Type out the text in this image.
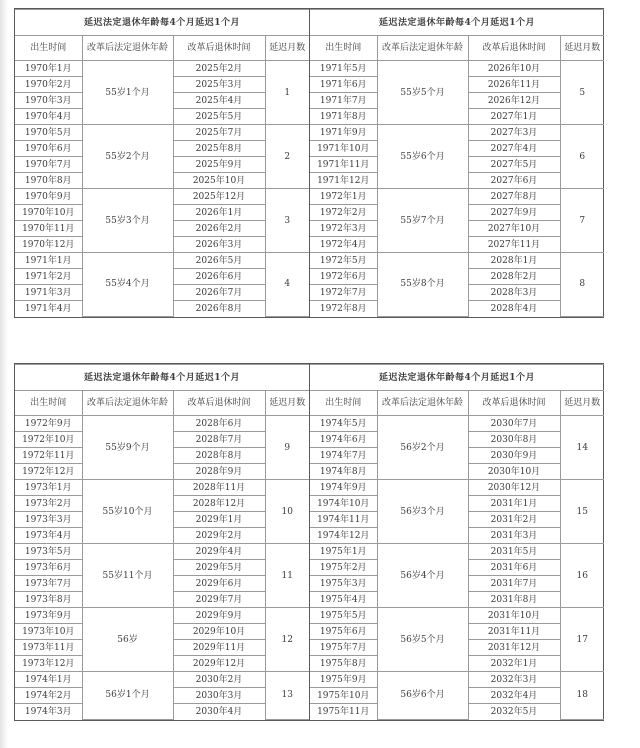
延迟法定退休年龄每4个月延迟1个月			
出生时间	改革后法定退休年龄	改革后退休时间	延迟月数
1970年1月	55岁1个月	2025年2月	1
1970年2月		2025年3月	
1970年3月		2025年4月	
1970年4月		2025年5月	
1970年5月	55岁2个月	2025年7月	2
1970年6月		2025年8月	
1970年7月		2025年9月	
1970年8月		2025年10月	
1970年9月	55岁3个月	2025年12月	3
1970年10月		2026年1月	
1970年11月		2026年2月	
1970年12月		2026年3月	
1971年1月	55岁4个月	2026年5月	4
1971年2月		2026年6月	
1971年3月		2026年7月	
1971年4月		2026年8月	
延迟法定退休年龄每4个月延迟1个月			
出生时间	改革后法定退休年龄	改革后退休时间	延迟月数
1971年5月	55岁5个月	2026年10月	5
1971年6月		2026年11月	
1971年7月		2026年12月	
1971年8月		2027年1月	
1971年9月	55岁6个月	2027年3月	6
1971年10月		2027年4月	
1971年11月		2027年5月	
1971年12月		2027年6月	
1972年1月	55岁7个月	2027年8月	7
1972年2月		2027年9月	
1972年3月		2027年10月	
1972年4月		2027年11月	
1972年5月	55岁8个月	2028年1月	8
1972年6月		2028年2月	
1972年7月		2028年3月	
1972年8月		2028年4月	
延迟法定退休年龄每4个月延迟1个月			
出生时间	改革后法定退休年龄	改革后退休时间	延迟月数
1972年9月	55岁9个月	2028年6月	9
1972年10月		2028年7月	
1972年11月		2028年8月	
1972年12月		2028年9月	
1973年1月	55岁10个月	2028年11月	10
1973年2月		2028年12月	
1973年3月		2029年1月	
1973年4月		2029年2月	
1973年5月	55岁11个月	2029年4月	11
1973年6月		2029年5月	
1973年7月		2029年6月	
1973年8月		2029年7月	
1973年9月	56岁	2029年9月	12
1973年10月		2029年10月	
1973年11月		2029年11月	
1973年12月		2029年12月	
1974年1月	56岁1个月	2030年2月	13
1974年2月		2030年3月	
1974年3月		2030年4月	
延迟法定退休年龄每4个月延迟1个月			
出生时间	改革后法定退休年龄	改革后退休时间	延迟月数
1974年5月	56岁2个月	2030年7月	14
1974年6月		2030年8月	
1974年7月		2030年9月	
1974年8月		2030年10月	
1974年9月	56岁3个月	2030年12月	15
1974年10月		2031年1月	
1974年11月		2031年2月	
1974年12月		2031年3月	
1975年1月	56岁4个月	2031年5月	16
1975年2月		2031年6月	
1975年3月		2031年7月	
1975年4月		2031年8月	
1975年5月	56岁5个月	2031年10月	17
1975年6月		2031年11月	
1975年7月		2031年12月	
1975年8月		2032年1月	
1975年9月	56岁6个月	2032年3月	18
1975年10月		2032年4月	
1975年11月		2032年5月	
